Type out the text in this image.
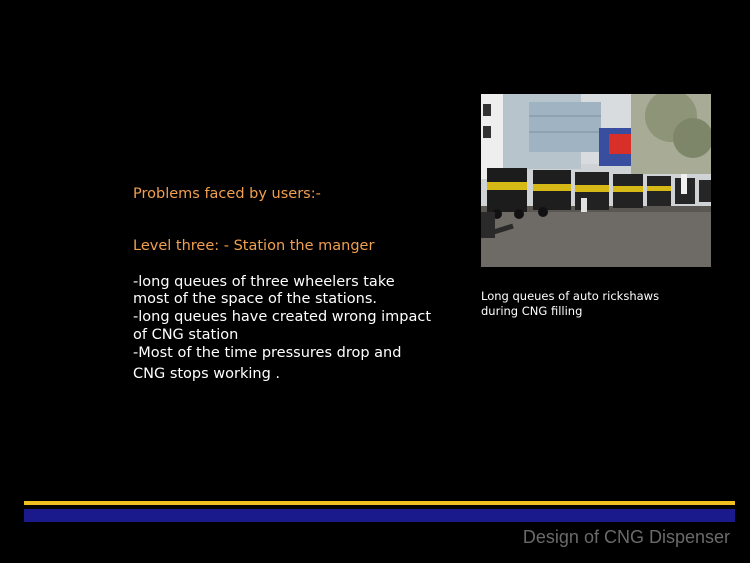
Problems faced by users:-
Level three: - Station the manger
-long queues of three wheelers take
most of the space of the stations.
-long queues have created wrong impact
of CNG station
-Most of the time pressures drop and
CNG stops working .
Long queues of auto rickshaws
during CNG filling
Design of CNG Dispenser
